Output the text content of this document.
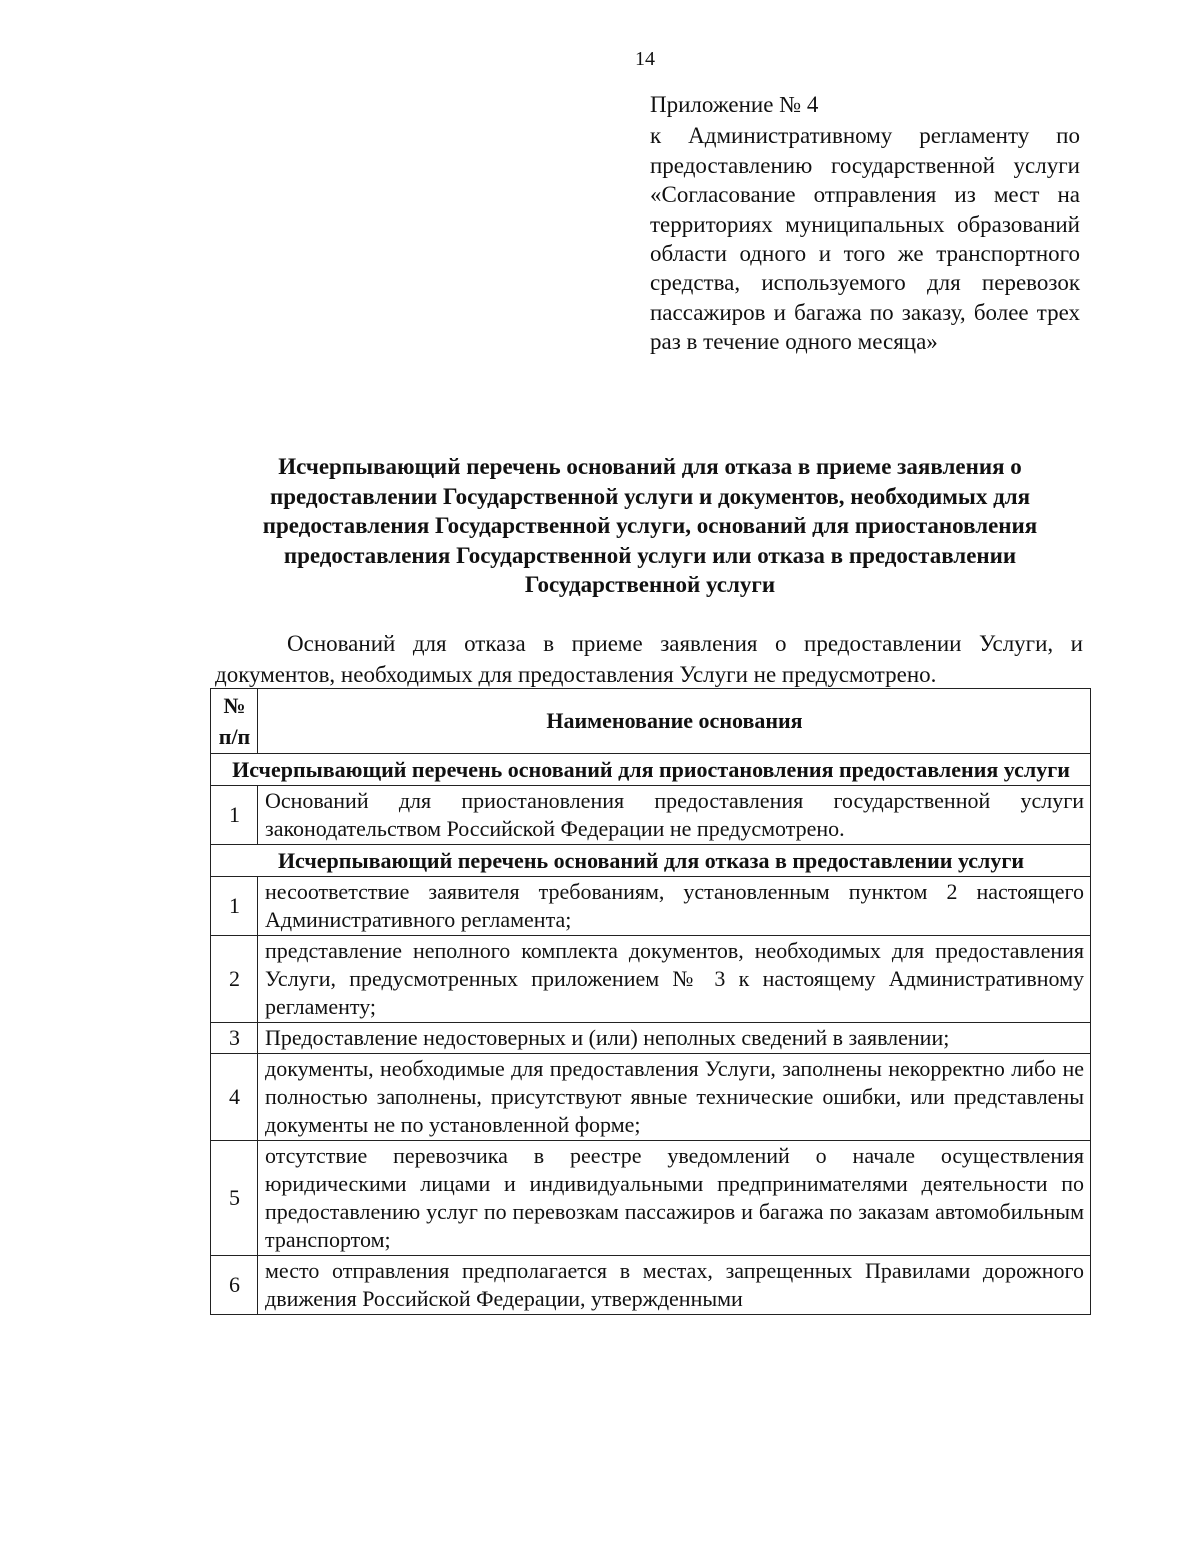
14

Приложение № 4

к Административному регламенту по предоставлению государственной услуги «Согласование отправления из мест на территориях муниципальных образований области одного и того же транспортного средства, используемого для перевозок пассажиров и багажа по заказу, более трех раз в течение одного месяца»

Исчерпывающий перечень оснований для отказа в приеме заявления о предоставлении Государственной услуги и документов, необходимых для предоставления Государственной услуги, оснований для приостановления предоставления Государственной услуги или отказа в предоставлении Государственной услуги

Оснований для отказа в приеме заявления о предоставлении Услуги, и документов, необходимых для предоставления Услуги не предусмотрено.

№ п/п	Наименование основания
Исчерпывающий перечень оснований для приостановления предоставления услуги	
1	Оснований для приостановления предоставления государственной услуги законодательством Российской Федерации не предусмотрено.
Исчерпывающий перечень оснований для отказа в предоставлении услуги	
1	несоответствие заявителя требованиям, установленным пунктом 2 настоящего Административного регламента;
2	представление неполного комплекта документов, необходимых для предоставления Услуги, предусмотренных приложением № 3 к настоящему Административному регламенту;
3	Предоставление недостоверных и (или) неполных сведений в заявлении;
4	документы, необходимые для предоставления Услуги, заполнены некорректно либо не полностью заполнены, присутствуют явные технические ошибки, или представлены документы не по установленной форме;
5	отсутствие перевозчика в реестре уведомлений о начале осуществления юридическими лицами и индивидуальными предпринимателями деятельности по предоставлению услуг по перевозкам пассажиров и багажа по заказам автомобильным транспортом;
6	место отправления предполагается в местах, запрещенных Правилами дорожного движения Российской Федерации, утвержденными
